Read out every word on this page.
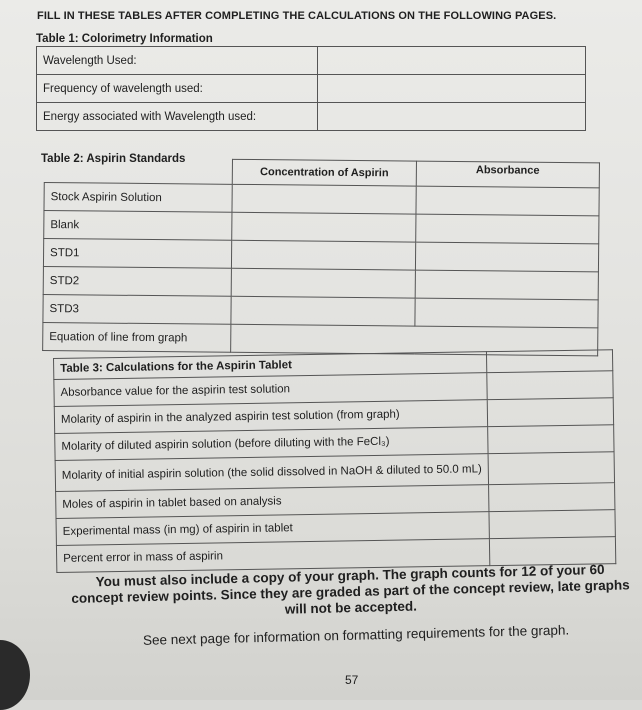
FILL IN THESE TABLES AFTER COMPLETING THE CALCULATIONS ON THE FOLLOWING PAGES.
Table 1: Colorimetry Information
Wavelength Used:	
Frequency of wavelength used:	
Energy associated with Wavelength used:	
Table 2: Aspirin Standards
	Concentration of Aspirin	Absorbance
Stock Aspirin Solution		
Blank		
STD1		
STD2		
STD3		
Equation of line from graph		
Table 3: Calculations for the Aspirin Tablet	
Absorbance value for the aspirin test solution	
Molarity of aspirin in the analyzed aspirin test solution (from graph)	
Molarity of diluted aspirin solution (before diluting with the FeCl₃)	
Molarity of initial aspirin solution (the solid dissolved in NaOH & diluted to 50.0 mL)	
Moles of aspirin in tablet based on analysis	
Experimental mass (in mg) of aspirin in tablet	
Percent error in mass of aspirin	
You must also include a copy of your graph. The graph counts for 12 of your 60 concept review points. Since they are graded as part of the concept review, late graphs will not be accepted.
See next page for information on formatting requirements for the graph.
57
